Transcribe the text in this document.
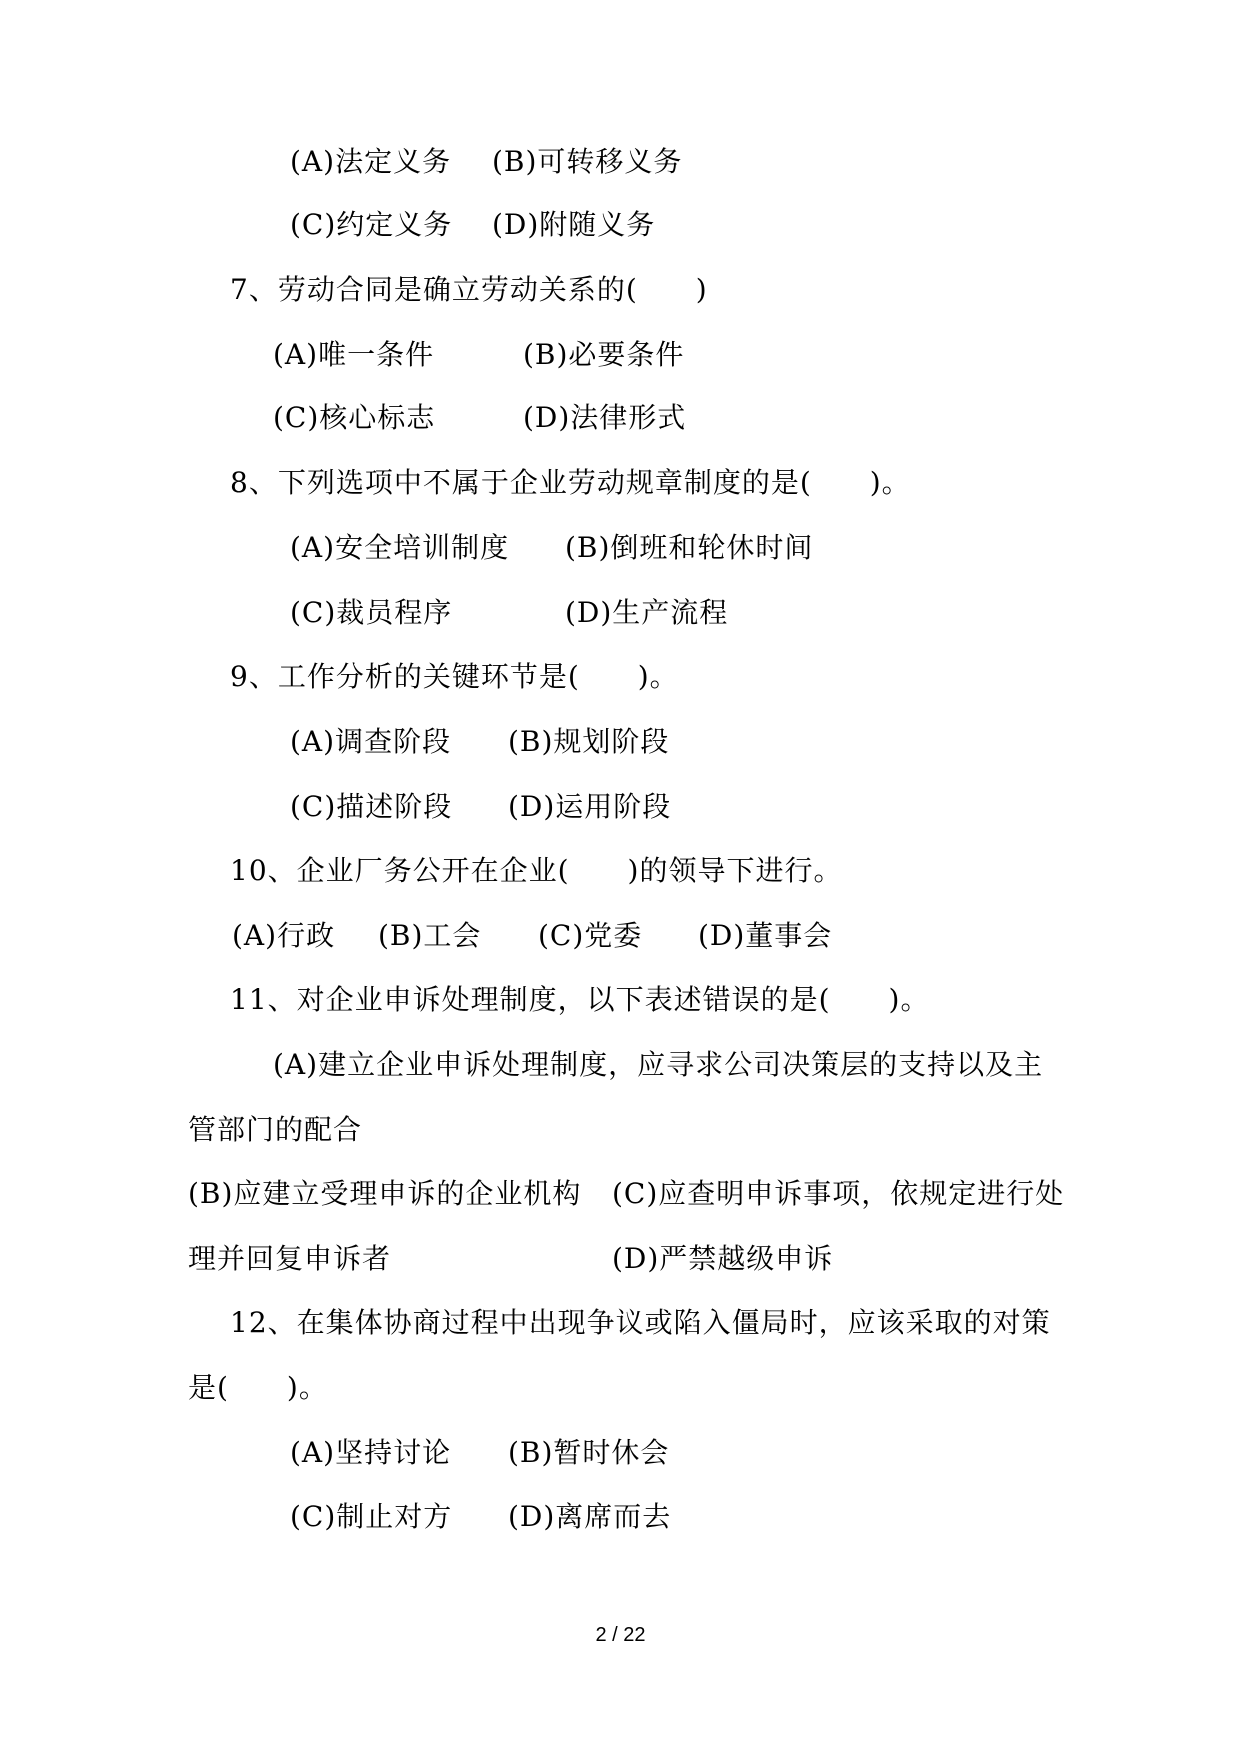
(A)法定义务 (B)可转移义务
(C)约定义务 (D)附随义务
7、劳动合同是确立劳动关系的(　　)
(A)唯一条件	(B)必要条件
(C)核心标志	(D)法律形式
8、下列选项中不属于企业劳动规章制度的是(　　)。
(A)安全培训制度 (B)倒班和轮休时间
(C)裁员程序	(D)生产流程
9、工作分析的关键环节是(　　)。
(A)调查阶段 (B)规划阶段
(C)描述阶段 (D)运用阶段
10、企业厂务公开在企业(　　)的领导下进行。
(A)行政 (B)工会 (C)党委 (D)董事会
11、对企业申诉处理制度，以下表述错误的是(　　)。
(A)建立企业申诉处理制度，应寻求公司决策层的支持以及主
管部门的配合
(B)应建立受理申诉的企业机构 (C)应查明申诉事项，依规定进行处
理并回复申诉者	(D)严禁越级申诉
12、在集体协商过程中出现争议或陷入僵局时，应该采取的对策
是(　　)。
(A)坚持讨论 (B)暂时休会
(C)制止对方 (D)离席而去
2 / 22
